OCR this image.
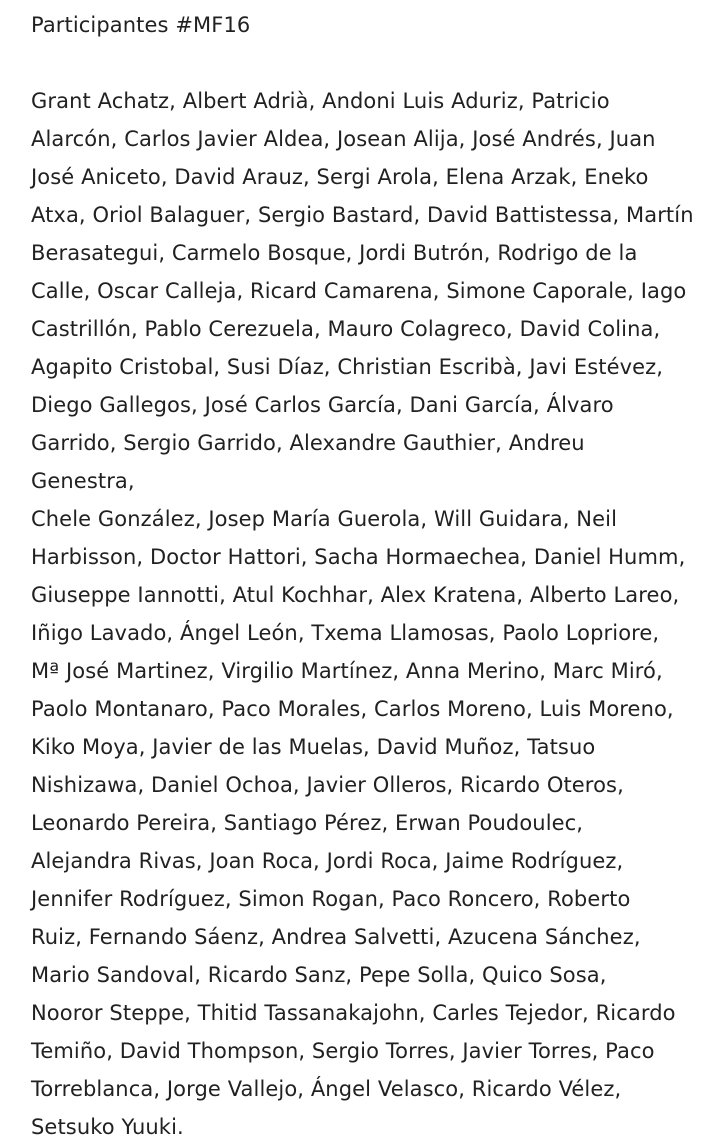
Participantes #MF16

Grant Achatz, Albert Adrià, Andoni Luis Aduriz, Patricio
Alarcón, Carlos Javier Aldea, Josean Alija, José Andrés, Juan
José Aniceto, David Arauz, Sergi Arola, Elena Arzak, Eneko
Atxa, Oriol Balaguer, Sergio Bastard, David Battistessa, Martín
Berasategui, Carmelo Bosque, Jordi Butrón, Rodrigo de la
Calle, Oscar Calleja, Ricard Camarena, Simone Caporale, Iago
Castrillón, Pablo Cerezuela, Mauro Colagreco, David Colina,
Agapito Cristobal, Susi Díaz, Christian Escribà, Javi Estévez,
Diego Gallegos, José Carlos García, Dani García, Álvaro
Garrido, Sergio Garrido, Alexandre Gauthier, Andreu Genestra,
Chele González, Josep María Guerola, Will Guidara, Neil
Harbisson, Doctor Hattori, Sacha Hormaechea, Daniel Humm,
Giuseppe Iannotti, Atul Kochhar, Alex Kratena, Alberto Lareo,
Iñigo Lavado, Ángel León, Txema Llamosas, Paolo Lopriore,
Mª José Martinez, Virgilio Martínez, Anna Merino, Marc Miró,
Paolo Montanaro, Paco Morales, Carlos Moreno, Luis Moreno,
Kiko Moya, Javier de las Muelas, David Muñoz, Tatsuo
Nishizawa, Daniel Ochoa, Javier Olleros, Ricardo Oteros,
Leonardo Pereira, Santiago Pérez, Erwan Poudoulec,
Alejandra Rivas, Joan Roca, Jordi Roca, Jaime Rodríguez,
Jennifer Rodríguez, Simon Rogan, Paco Roncero, Roberto
Ruiz, Fernando Sáenz, Andrea Salvetti, Azucena Sánchez,
Mario Sandoval, Ricardo Sanz, Pepe Solla, Quico Sosa,
Nooror Steppe, Thitid Tassanakajohn, Carles Tejedor, Ricardo
Temiño, David Thompson, Sergio Torres, Javier Torres, Paco
Torreblanca, Jorge Vallejo, Ángel Velasco, Ricardo Vélez,
Setsuko Yuuki.
